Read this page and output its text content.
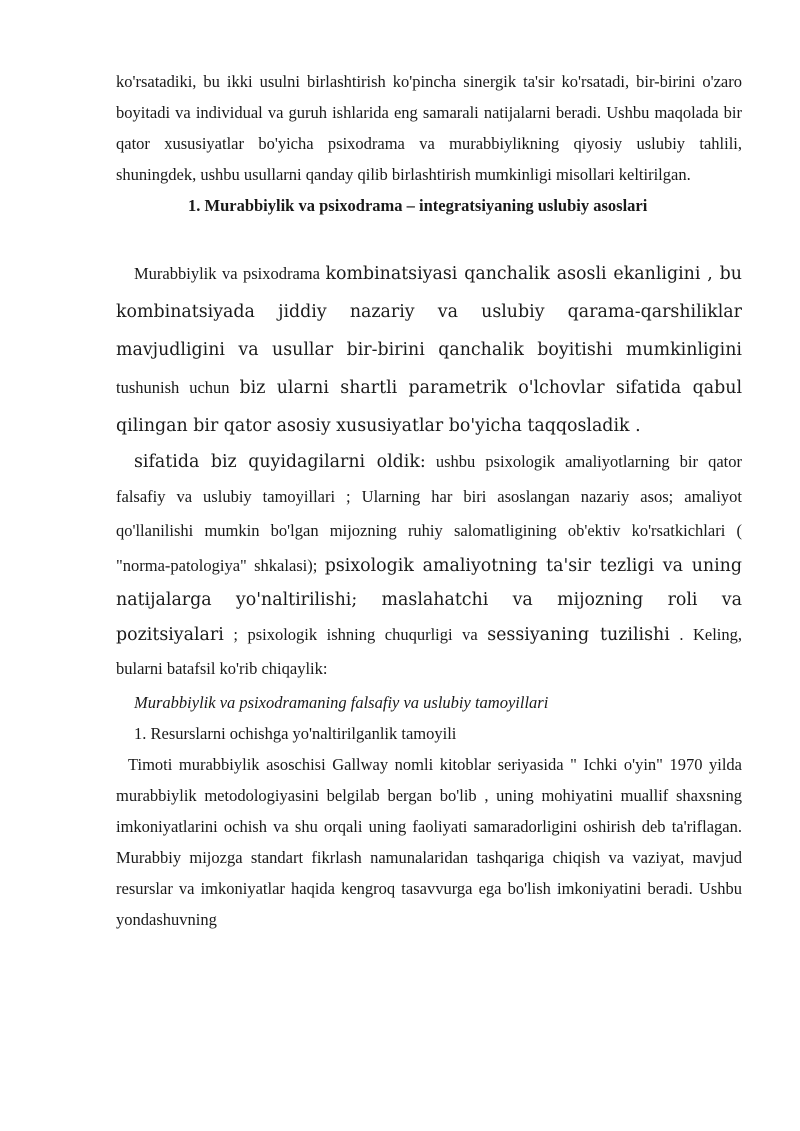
ko'rsatadiki, bu ikki usulni birlashtirish ko'pincha sinergik ta'sir ko'rsatadi, bir-birini o'zaro boyitadi va individual va guruh ishlarida eng samarali natijalarni beradi. Ushbu maqolada bir qator xususiyatlar bo'yicha psixodrama va murabbiylikning qiyosiy uslubiy tahlili, shuningdek, ushbu usullarni qanday qilib birlashtirish mumkinligi misollari keltirilgan.

1. Murabbiylik va psixodrama – integratsiyaning uslubiy asoslari

Murabbiylik va psixodrama kombinatsiyasi qanchalik asosli ekanligini , bu kombinatsiyada jiddiy nazariy va uslubiy qarama-qarshiliklar mavjudligini va usullar bir-birini qanchalik boyitishi mumkinligini tushunish uchun biz ularni shartli parametrik o'lchovlar sifatida qabul qilingan bir qator asosiy xususiyatlar bo'yicha taqqosladik .

sifatida biz quyidagilarni oldik: ushbu psixologik amaliyotlarning bir qator falsafiy va uslubiy tamoyillari ; Ularning har biri asoslangan nazariy asos; amaliyot qo'llanilishi mumkin bo'lgan mijozning ruhiy salomatligining ob'ektiv ko'rsatkichlari ( "norma-patologiya" shkalasi); psixologik amaliyotning ta'sir tezligi va uning natijalarga yo'naltirilishi; maslahatchi va mijozning roli va pozitsiyalari ; psixologik ishning chuqurligi va sessiyaning tuzilishi . Keling, bularni batafsil ko'rib chiqaylik:

Murabbiylik va psixodramaning falsafiy va uslubiy tamoyillari

1. Resurslarni ochishga yo'naltirilganlik tamoyili

Timoti murabbiylik asoschisi Gallway nomli kitoblar seriyasida " Ichki o'yin" 1970 yilda murabbiylik metodologiyasini belgilab bergan bo'lib , uning mohiyatini muallif shaxsning imkoniyatlarini ochish va shu orqali uning faoliyati samaradorligini oshirish deb ta'riflagan. Murabbiy mijozga standart fikrlash namunalaridan tashqariga chiqish va vaziyat, mavjud resurslar va imkoniyatlar haqida kengroq tasavvurga ega bo'lish imkoniyatini beradi. Ushbu yondashuvning
